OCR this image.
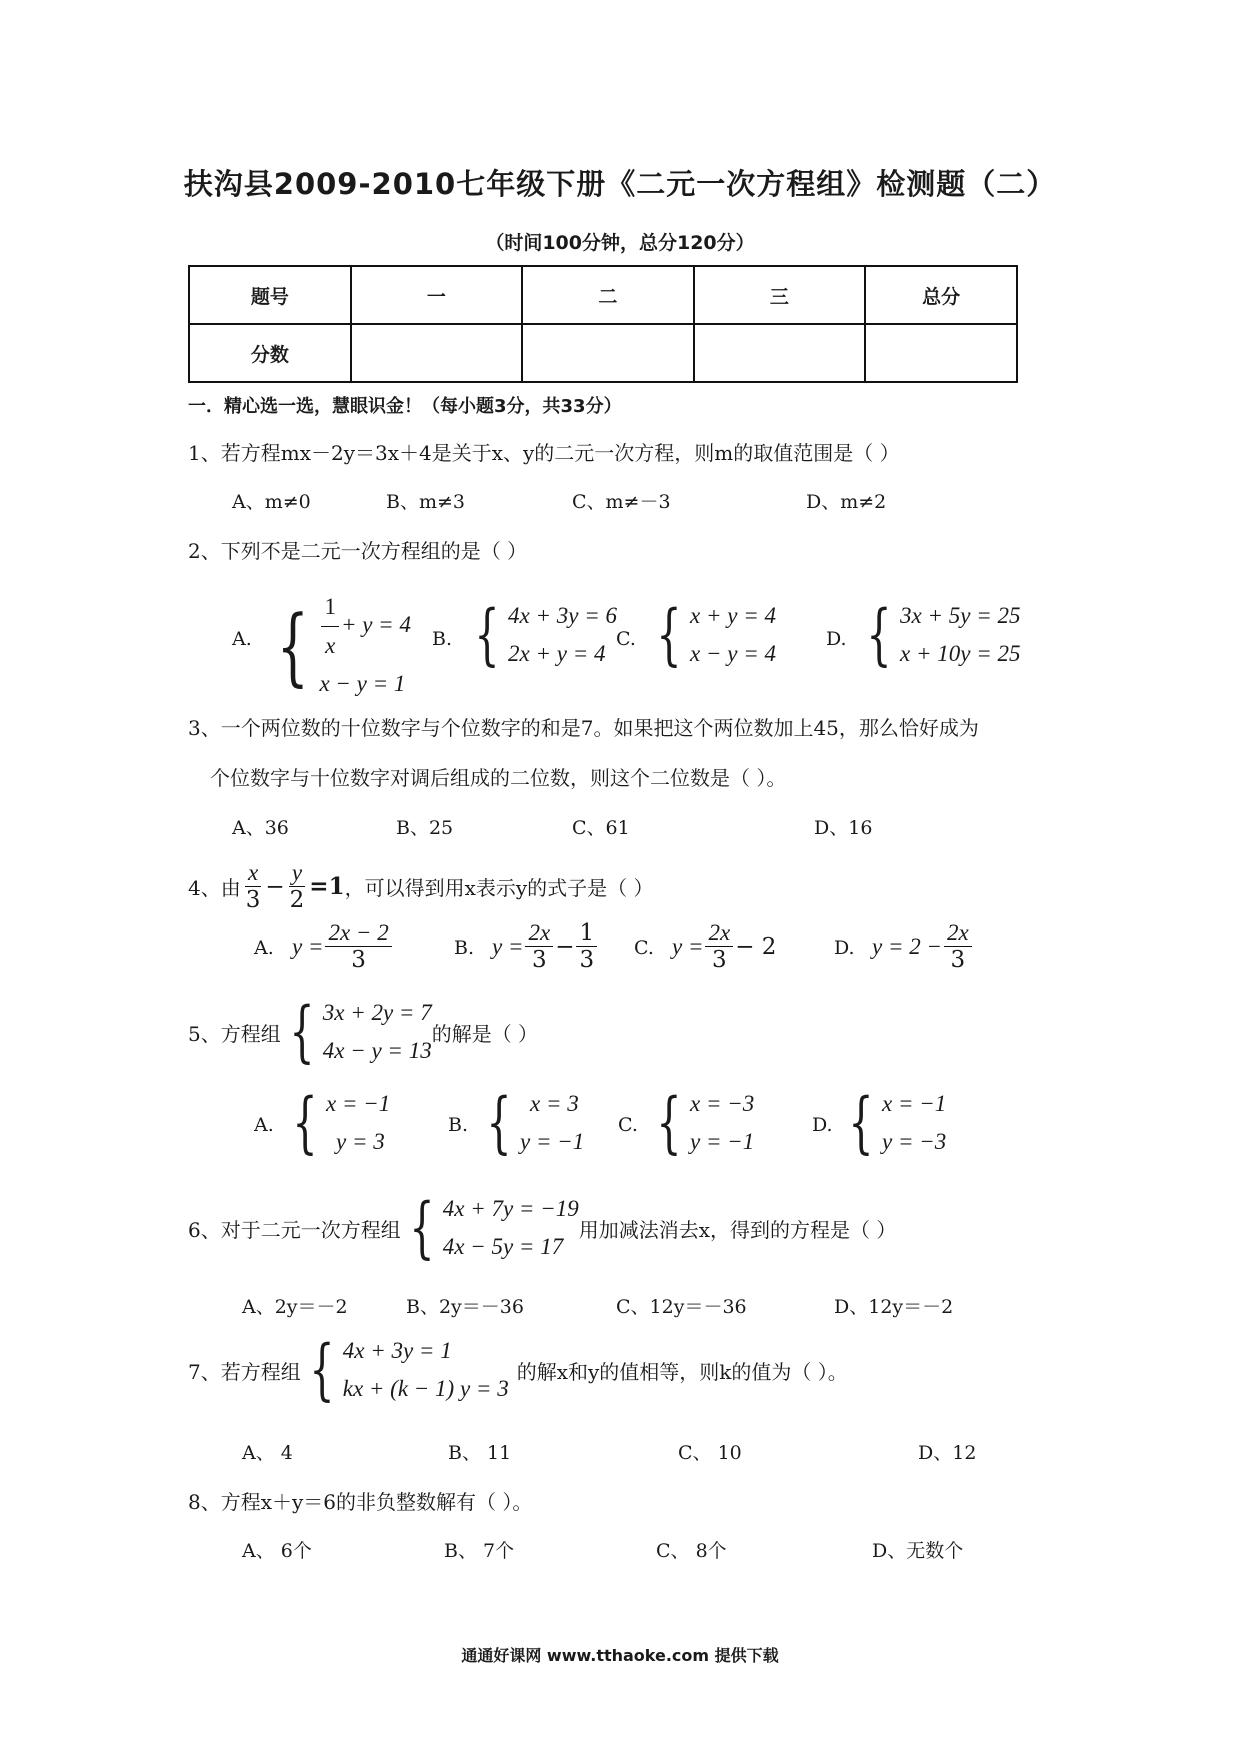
扶沟县2009-2010七年级下册《二元一次方程组》检测题（二）
（时间100分钟，总分120分）
题号	一	二	三	总分
分数				
一．精心选一选，慧眼识金！（每小题3分，共33分）
1、若方程mx－2y＝3x＋4是关于x、y的二元一次方程，则m的取值范围是（ ）
A、m≠0	B、m≠3	C、m≠－3	D、m≠2
2、下列不是二元一次方程组的是（ ）
A. { $\frac{1}{x} + y = 4$
x − y = 1
B. { 4x + 3y = 6
2x + y = 4
C. { x + y = 4
x − y = 4
D. { 3x + 5y = 25
x + 10y = 25
3、一个两位数的十位数字与个位数字的和是7。如果把这个两位数加上45，那么恰好成为
个位数字与十位数字对调后组成的二位数，则这个二位数是（ ）。
A、36	B、25	C、61	D、16
4、由 $\frac{x}{3} - \frac{y}{2} =1$ ，可以得到用x表示y的式子是（ ）
A. $y = \frac{2x - 2}{3}$	B. $y = \frac{2x}{3} - \frac{1}{3} C$. $y = \frac{2x}{3} - 2$	D. $y = 2 - \frac{2x}{3}$
5、方程组 { 3x + 2y = 7
4x − y = 13
的解是（ ）
A. { x = −1
y = 3
B. { x = 3
y = −1
C. { x = −3
y = −1
D. { x = −1
y = −3
6、对于二元一次方程组 { 4x + 7y = −19
4x − 5y = 17
用加减法消去x，得到的方程是（ ）
A、2y＝－2	B、2y＝－36	C、12y＝－36	D、12y＝－2
7、若方程组 { 4x + 3y = 1
kx + (k − 1) y = 3
的解x和y的值相等，则k的值为（ ）。
A、 4	B、 11	C、 10	D、12
8、方程x＋y＝6的非负整数解有（ ）。
A、 6个	B、 7个	C、 8个	D、无数个
通通好课网 www.tthaoke.com 提供下载
